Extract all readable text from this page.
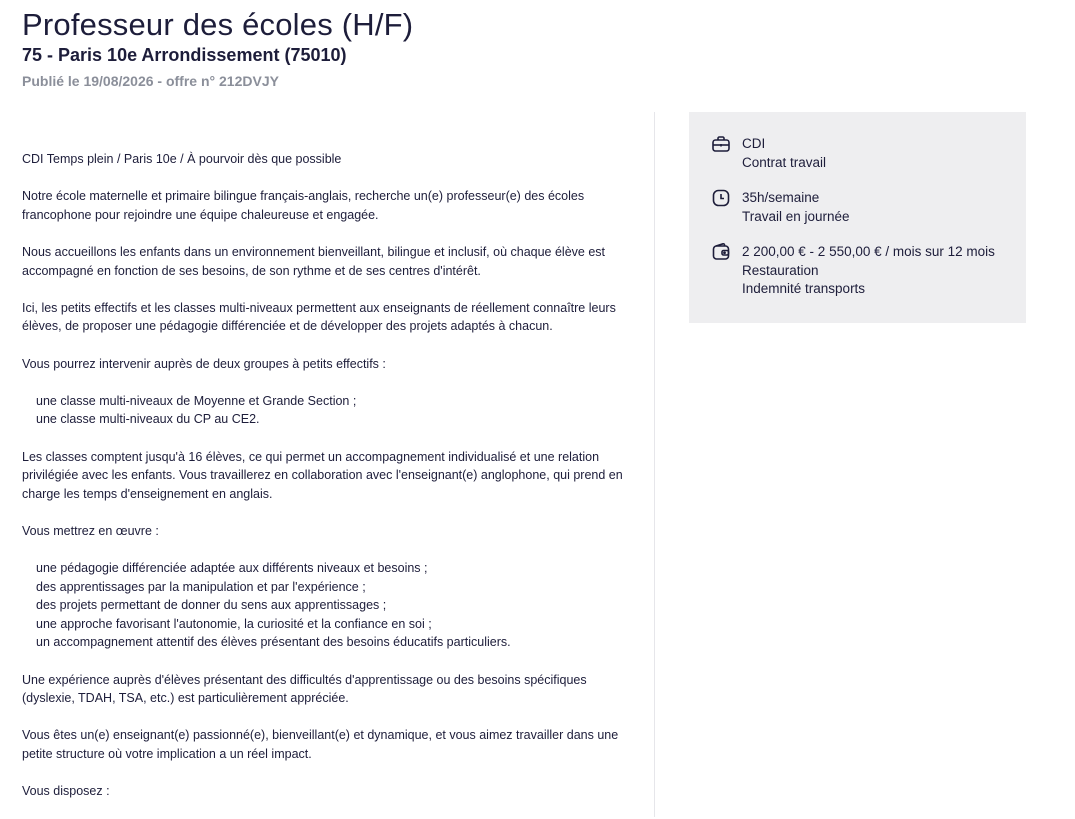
Professeur des écoles (H/F)
75 - Paris 10e Arrondissement (75010)
Publié le 19/08/2026 - offre n° 212DVJY

CDI Temps plein / Paris 10e / À pourvoir dès que possible

Notre école maternelle et primaire bilingue français-anglais, recherche un(e) professeur(e) des écoles francophone pour rejoindre une équipe chaleureuse et engagée.

Nous accueillons les enfants dans un environnement bienveillant, bilingue et inclusif, où chaque élève est accompagné en fonction de ses besoins, de son rythme et de ses centres d'intérêt.

Ici, les petits effectifs et les classes multi-niveaux permettent aux enseignants de réellement connaître leurs élèves, de proposer une pédagogie différenciée et de développer des projets adaptés à chacun.

Vous pourrez intervenir auprès de deux groupes à petits effectifs :

une classe multi-niveaux de Moyenne et Grande Section ;
une classe multi-niveaux du CP au CE2.

Les classes comptent jusqu'à 16 élèves, ce qui permet un accompagnement individualisé et une relation privilégiée avec les enfants. Vous travaillerez en collaboration avec l'enseignant(e) anglophone, qui prend en charge les temps d'enseignement en anglais.

Vous mettrez en œuvre :

une pédagogie différenciée adaptée aux différents niveaux et besoins ;
des apprentissages par la manipulation et par l'expérience ;
des projets permettant de donner du sens aux apprentissages ;
une approche favorisant l'autonomie, la curiosité et la confiance en soi ;
un accompagnement attentif des élèves présentant des besoins éducatifs particuliers.

Une expérience auprès d'élèves présentant des difficultés d'apprentissage ou des besoins spécifiques (dyslexie, TDAH, TSA, etc.) est particulièrement appréciée.

Vous êtes un(e) enseignant(e) passionné(e), bienveillant(e) et dynamique, et vous aimez travailler dans une petite structure où votre implication a un réel impact.

Vous disposez :

CDI
Contrat travail
35h/semaine
Travail en journée
2 200,00 € - 2 550,00 € / mois sur 12 mois
Restauration
Indemnité transports
